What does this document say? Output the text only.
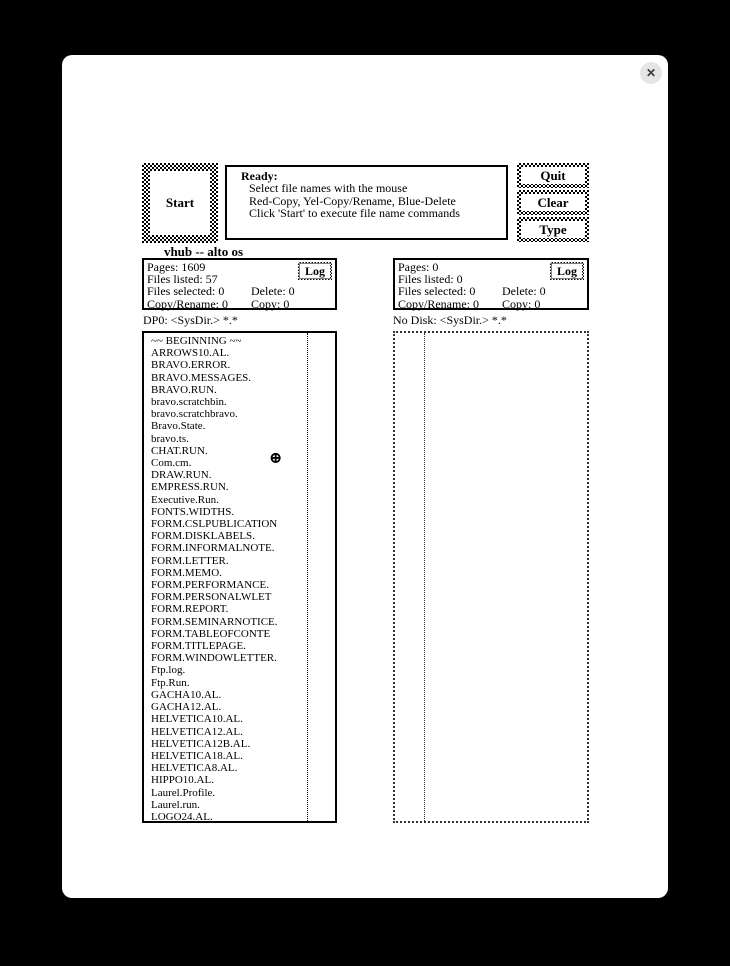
✕
Start
Ready:
Select file names with the mouse
Red-Copy, Yel-Copy/Rename, Blue-Delete
Click 'Start' to execute file name commands
Quit
Clear
Type
vhub -- alto os
Pages: 1609
Files listed: 57
Files selected: 0 Delete: 0
Copy/Rename: 0 Copy: 0
Log	Pages: 0
Files listed: 0
Files selected: 0 Delete: 0
Copy/Rename: 0 Copy: 0
Log
DP0: <SysDir.> *.*	No Disk: <SysDir.> *.*
~~ BEGINNING ~~
ARROWS10.AL.
BRAVO.ERROR.
BRAVO.MESSAGES.
BRAVO.RUN.
bravo.scratchbin.
bravo.scratchbravo.
Bravo.State.
bravo.ts.
CHAT.RUN.
Com.cm.
DRAW.RUN.
EMPRESS.RUN.
Executive.Run.
FONTS.WIDTHS.
FORM.CSLPUBLICATION
FORM.DISKLABELS.
FORM.INFORMALNOTE.
FORM.LETTER.
FORM.MEMO.
FORM.PERFORMANCE.
FORM.PERSONALWLET
FORM.REPORT.
FORM.SEMINARNOTICE.
FORM.TABLEOFCONTE
FORM.TITLEPAGE.
FORM.WINDOWLETTER.
Ftp.log.
Ftp.Run.
GACHA10.AL.
GACHA12.AL.
HELVETICA10.AL.
HELVETICA12.AL.
HELVETICA12B.AL.
HELVETICA18.AL.
HELVETICA8.AL.
HIPPO10.AL.
Laurel.Profile.
Laurel.run.
LOGO24.AL.
⊕
